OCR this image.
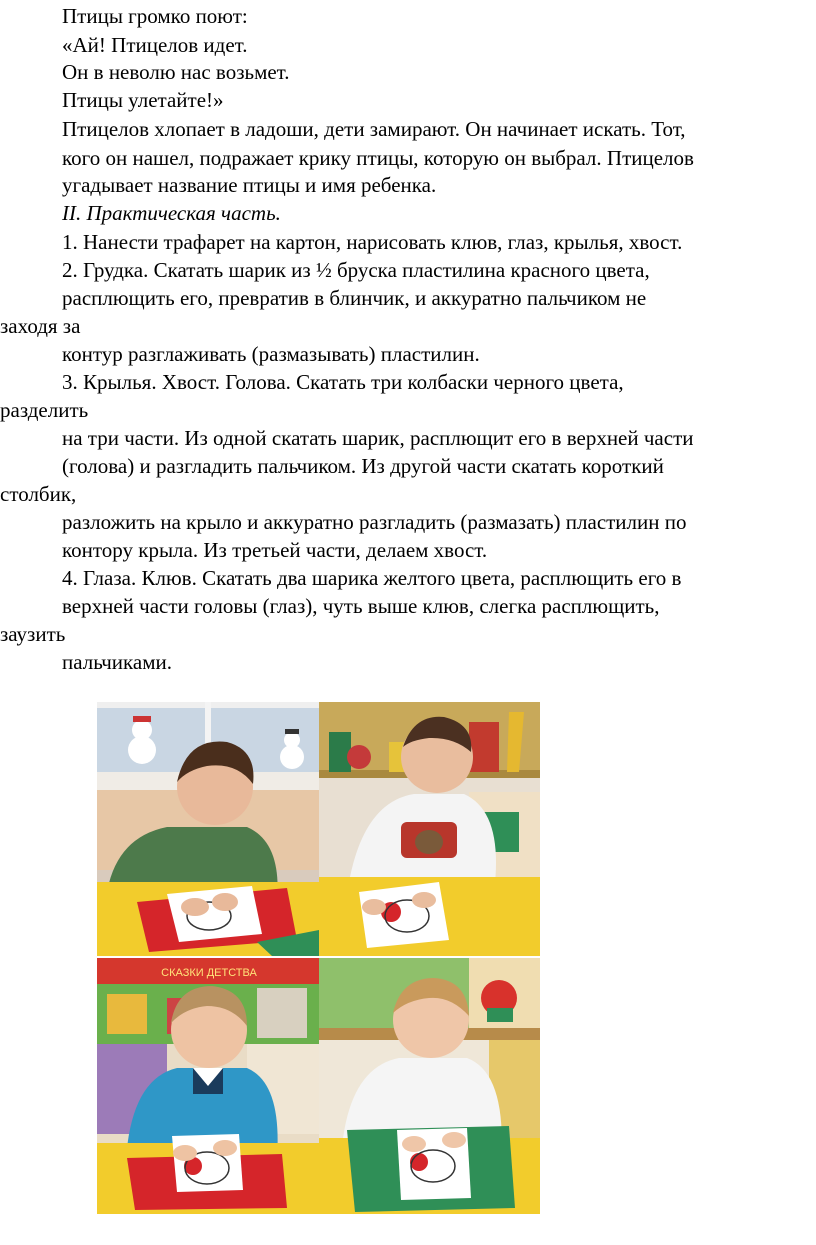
Птицы громко поют:
«Ай! Птицелов идет.
Он в неволю нас возьмет.
Птицы улетайте!»
Птицелов хлопает в ладоши, дети замирают. Он начинает искать. Тот,
кого он нашел, подражает крику птицы, которую он выбрал. Птицелов
угадывает название птицы и имя ребенка.
II. Практическая часть.
1. Нанести трафарет на картон, нарисовать клюв, глаз, крылья, хвост.
2. Грудка. Скатать шарик из ½ бруска пластилина красного цвета,
расплющить его, превратив в блинчик, и аккуратно пальчиком не
заходя за
контур разглаживать (размазывать) пластилин.
3. Крылья. Хвост. Голова. Скатать три колбаски черного цвета,
разделить
на три части. Из одной скатать шарик, расплющит его в верхней части
(голова) и разгладить пальчиком. Из другой части скатать короткий
столбик,
разложить на крыло и аккуратно разгладить (размазать) пластилин по
контору крыла. Из третьей части, делаем хвост.
4. Глаза. Клюв. Скатать два шарика желтого цвета, расплющить его в
верхней части головы (глаз), чуть выше клюв, слегка расплющить,
заузить
пальчиками.
СКАЗКИ ДЕТСТВА
